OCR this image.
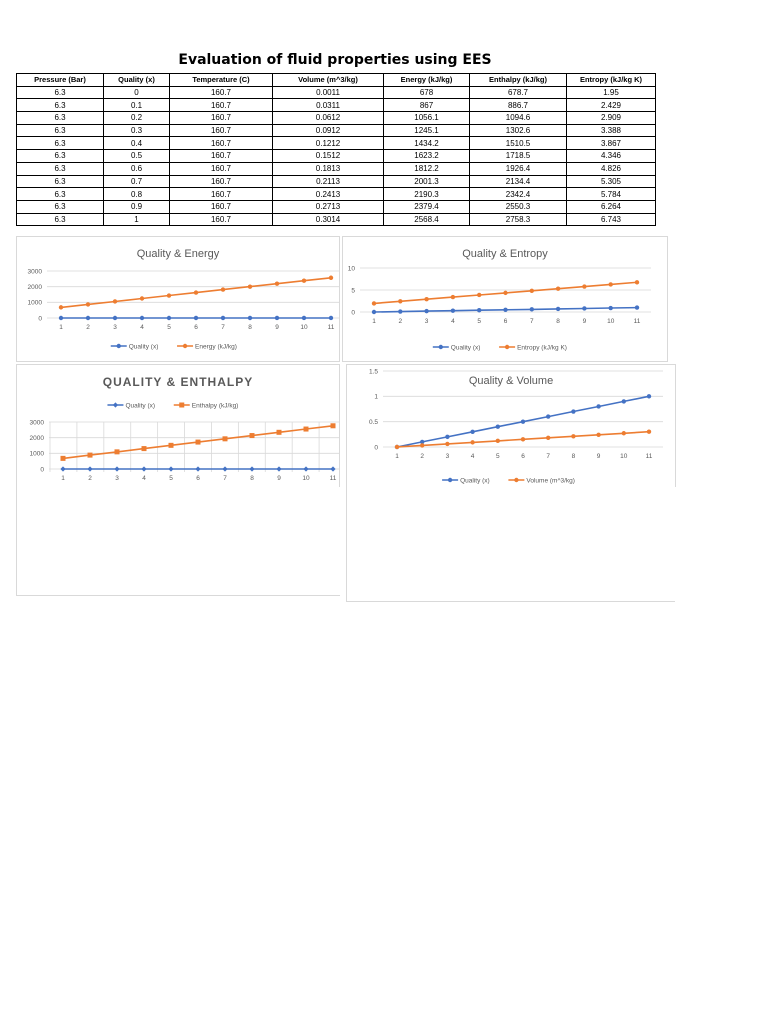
Evaluation of fluid properties using EES
Pressure (Bar)	Quality (x)	Temperature (C)	Volume (m^3/kg)	Energy (kJ/kg)	Enthalpy (kJ/kg)	Entropy (kJ/kg K)
6.3	0	160.7	0.0011	678	678.7	1.95
6.3	0.1	160.7	0.0311	867	886.7	2.429
6.3	0.2	160.7	0.0612	1056.1	1094.6	2.909
6.3	0.3	160.7	0.0912	1245.1	1302.6	3.388
6.3	0.4	160.7	0.1212	1434.2	1510.5	3.867
6.3	0.5	160.7	0.1512	1623.2	1718.5	4.346
6.3	0.6	160.7	0.1813	1812.2	1926.4	4.826
6.3	0.7	160.7	0.2113	2001.3	2134.4	5.305
6.3	0.8	160.7	0.2413	2190.3	2342.4	5.784
6.3	0.9	160.7	0.2713	2379.4	2550.3	6.264
6.3	1	160.7	0.3014	2568.4	2758.3	6.743
Quality & Energy
0
1000
2000
3000
1	2	3	4	5	6	7	8	9	10	11
Quality (x)	Energy (kJ/kg)
Quality & Entropy
0
5
10
1	2	3	4	5	6	7	8	9	10	11
Quality (x)	Entropy (kJ/kg K)
QUALITY & ENTHALPY
0
1000
2000
3000
1	2	3	4	5	6	7	8	9	10	11
Quality (x)	Enthalpy (kJ/kg)
Quality & Volume
0
0.5
1
1.5
1	2	3	4	5	6	7	8	9	10	11
Quality (x)	Volume (m^3/kg)
